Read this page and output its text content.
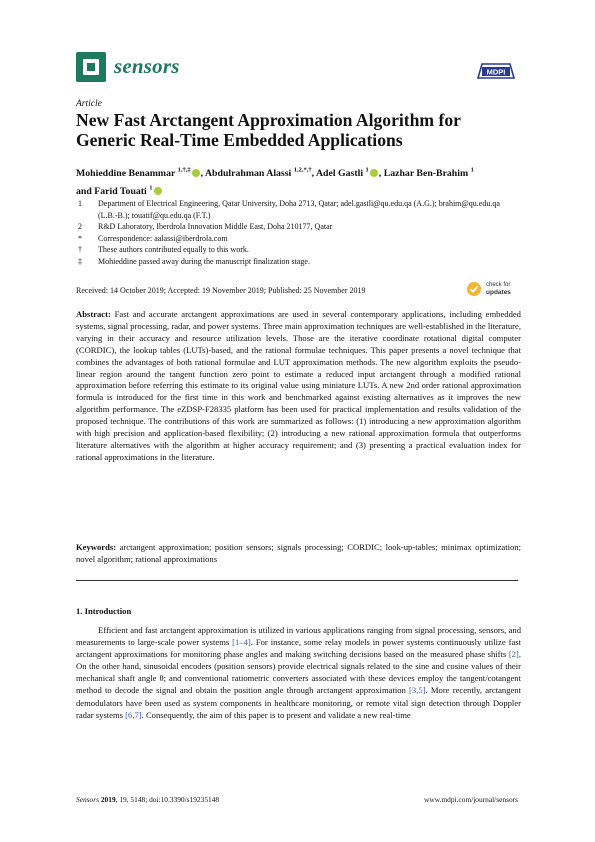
sensors	MDPI
Article
New Fast Arctangent Approximation Algorithm for Generic Real-Time Embedded Applications
Mohieddine Benammar $^{1,\dagger,\ddagger}$ , Abdulrahman Alassi $^{1,2,*,\dagger}$, Adel Gastli $^1$ , Lazhar Ben-Brahim $^1$
and Farid Touati $^1$
1	Department of Electrical Engineering, Qatar University, Doha 2713, Qatar; adel.gastli@qu.edu.qa (A.G.); brahim@qu.edu.qa (L.B.-B.); touatif@qu.edu.qa (F.T.)
2	R&D Laboratory, Iberdrola Innovation Middle East, Doha 210177, Qatar
*	Correspondence: aalassi@iberdrola.com
†	These authors contributed equally to this work.
‡	Mohieddine passed away during the manuscript finalization stage.
Received: 14 October 2019; Accepted: 19 November 2019; Published: 25 November 2019
check for
updates
Abstract: Fast and accurate arctangent approximations are used in several contemporary applications, including embedded systems, signal processing, radar, and power systems. Three main approximation techniques are well-established in the literature, varying in their accuracy and resource utilization levels. Those are the iterative coordinate rotational digital computer (CORDIC), the lookup tables (LUTs)-based, and the rational formulae techniques. This paper presents a novel technique that combines the advantages of both rational formulae and LUT approximation methods. The new algorithm exploits the pseudo-linear region around the tangent function zero point to estimate a reduced input arctangent through a modified rational approximation before referring this estimate to its original value using miniature LUTs. A new 2nd order rational approximation formula is introduced for the first time in this work and benchmarked against existing alternatives as it improves the new algorithm performance. The eZDSP-F28335 platform has been used for practical implementation and results validation of the proposed technique. The contributions of this work are summarized as follows: (1) introducing a new approximation algorithm with high precision and application-based flexibility; (2) introducing a new rational approximation formula that outperforms literature alternatives with the algorithm at higher accuracy requirement; and (3) presenting a practical evaluation index for rational approximations in the literature.
Keywords: arctangent approximation; position sensors; signals processing; CORDIC; look-up-tables; minimax optimization; novel algorithm; rational approximations
1. Introduction
Efficient and fast arctangent approximation is utilized in various applications ranging from signal processing, sensors, and measurements to large-scale power systems [1–4]. For instance, some relay models in power systems continuously utilize fast arctangent approximations for monitoring phase angles and making switching decisions based on the measured phase shifts [2]. On the other hand, sinusoidal encoders (position sensors) provide electrical signals related to the sine and cosine values of their mechanical shaft angle θ; and conventional ratiometric converters associated with these devices employ the tangent/cotangent method to decode the signal and obtain the position angle through arctangent approximation [3,5]. More recently, arctangent demodulators have been used as system components in healthcare monitoring, or remote vital sign detection through Doppler radar systems [6,7]. Consequently, the aim of this paper is to present and validate a new real-time
Sensors 2019, 19, 5148; doi:10.3390/s19235148	www.mdpi.com/journal/sensors
